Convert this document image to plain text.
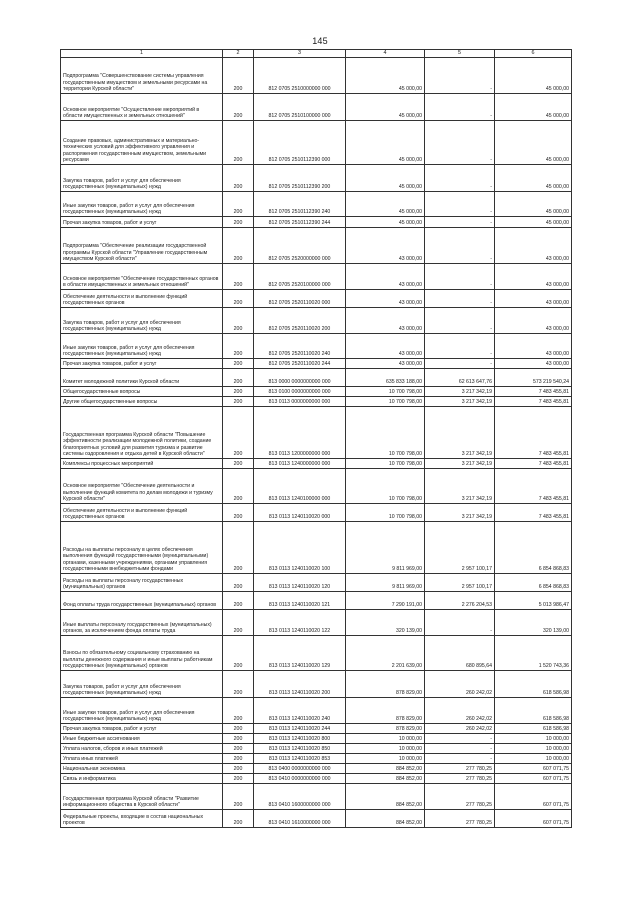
145
1	2	3	4	5	6
Подпрограмма "Совершенствование системы управления государственным имуществом и земельными ресурсами на территории Курской области"	200	812 0705 2510000000 000	45 000,00	-	45 000,00
Основное мероприятие "Осуществление мероприятий в области имущественных и земельных отношений"	200	812 0705 2510100000 000	45 000,00	-	45 000,00
Создание правовых, административных и материально-технических условий для эффективного управления и распоряжения государственным имуществом, земельными ресурсами	200	812 0705 2510112390 000	45 000,00	-	45 000,00
Закупка товаров, работ и услуг для обеспечения государственных (муниципальных) нужд	200	812 0705 2510112390 200	45 000,00	-	45 000,00
Иные закупки товаров, работ и услуг для обеспечения государственных (муниципальных) нужд	200	812 0705 2510112390 240	45 000,00	-	45 000,00
Прочая закупка товаров, работ и услуг	200	812 0705 2510112390 244	45 000,00	-	45 000,00
Подпрограмма "Обеспечение реализации государственной программы Курской области "Управление государственным имуществом Курской области"	200	812 0705 2520000000 000	43 000,00	-	43 000,00
Основное мероприятие "Обеспечение государственных органов в области имущественных и земельных отношений"	200	812 0705 2520100000 000	43 000,00	-	43 000,00
Обеспечение деятельности и выполнение функций государственных органов	200	812 0705 2520110020 000	43 000,00	-	43 000,00
Закупка товаров, работ и услуг для обеспечения государственных (муниципальных) нужд	200	812 0705 2520110020 200	43 000,00	-	43 000,00
Иные закупки товаров, работ и услуг для обеспечения государственных (муниципальных) нужд	200	812 0705 2520110020 240	43 000,00	-	43 000,00
Прочая закупка товаров, работ и услуг	200	812 0705 2520110020 244	43 000,00	-	43 000,00
Комитет молодежной политики Курской области	200	813 0000 0000000000 000	635 833 188,00	62 613 647,76	573 219 540,24
Общегосударственные вопросы	200	813 0100 0000000000 000	10 700 798,00	3 217 342,19	7 483 455,81
Другие общегосударственные вопросы	200	813 0113 0000000000 000	10 700 798,00	3 217 342,19	7 483 455,81
Государственная программа Курской области "Повышение эффективности реализации молодежной политики, создание благоприятных условий для развития туризма и развитие системы оздоровления и отдыха детей в Курской области"	200	813 0113 1200000000 000	10 700 798,00	3 217 342,19	7 483 455,81
Комплексы процессных мероприятий	200	813 0113 1240000000 000	10 700 798,00	3 217 342,19	7 483 455,81
Основное мероприятие "Обеспечение деятельности и выполнение функций комитета по делам молодежи и туризму Курской области"	200	813 0113 1240100000 000	10 700 798,00	3 217 342,19	7 483 455,81
Обеспечение деятельности и выполнение функций государственных органов	200	813 0113 1240110020 000	10 700 798,00	3 217 342,19	7 483 455,81
Расходы на выплаты персоналу в целях обеспечения выполнения функций государственными (муниципальными) органами, казенными учреждениями, органами управления государственными внебюджетными фондами	200	813 0113 1240110020 100	9 811 969,00	2 957 100,17	6 854 868,83
Расходы на выплаты персоналу государственных (муниципальных) органов	200	813 0113 1240110020 120	9 811 969,00	2 957 100,17	6 854 868,83
Фонд оплаты труда государственных (муниципальных) органов	200	813 0113 1240110020 121	7 290 191,00	2 276 204,53	5 013 986,47
Иные выплаты персоналу государственных (муниципальных) органов, за исключением фонда оплаты труда	200	813 0113 1240110020 122	320 139,00	-	320 139,00
Взносы по обязательному социальному страхованию на выплаты денежного содержания и иные выплаты работникам государственных (муниципальных) органов	200	813 0113 1240110020 129	2 201 639,00	680 895,64	1 520 743,36
Закупка товаров, работ и услуг для обеспечения государственных (муниципальных) нужд	200	813 0113 1240110020 200	878 829,00	260 242,02	618 586,98
Иные закупки товаров, работ и услуг для обеспечения государственных (муниципальных) нужд	200	813 0113 1240110020 240	878 829,00	260 242,02	618 586,98
Прочая закупка товаров, работ и услуг	200	813 0113 1240110020 244	878 829,00	260 242,02	618 586,98
Иные бюджетные ассигнования	200	813 0113 1240110020 800	10 000,00	-	10 000,00
Уплата налогов, сборов и иных платежей	200	813 0113 1240110020 850	10 000,00	-	10 000,00
Уплата иных платежей	200	813 0113 1240110020 853	10 000,00	-	10 000,00
Национальная экономика	200	813 0400 0000000000 000	884 852,00	277 780,25	607 071,75
Связь и информатика	200	813 0410 0000000000 000	884 852,00	277 780,25	607 071,75
Государственная программа Курской области "Развитие информационного общества в Курской области"	200	813 0410 1600000000 000	884 852,00	277 780,25	607 071,75
Федеральные проекты, входящие в состав национальных проектов	200	813 0410 1610000000 000	884 852,00	277 780,25	607 071,75
